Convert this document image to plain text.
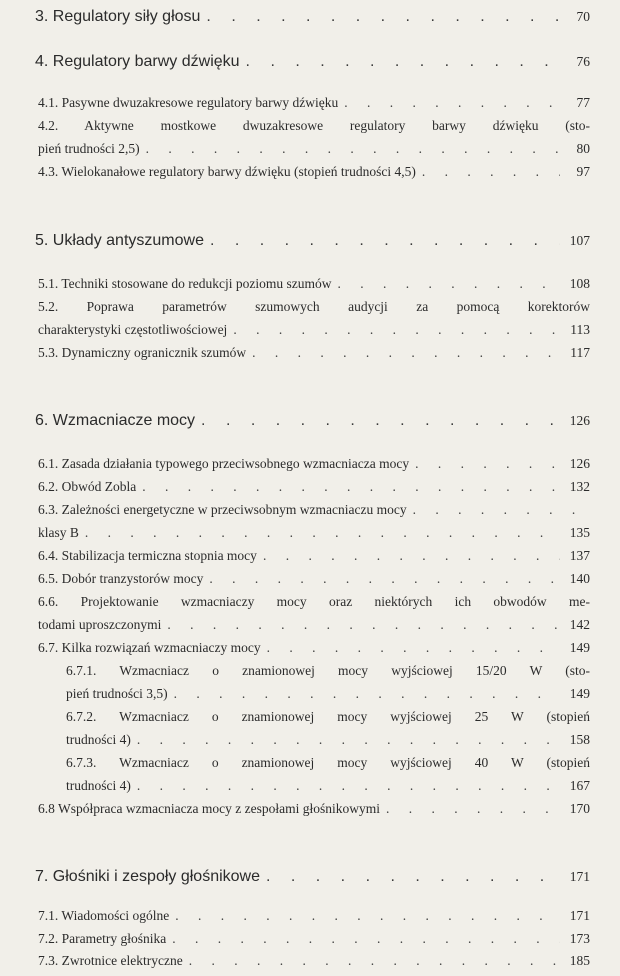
3. Regulatory siły głosu . . .	70
4. Regulatory barwy dźwięku . . .	76
4.1. Pasywne dwuzakresowe regulatory barwy dźwięku . . .	77
4.2. Aktywne mostkowe dwuzakresowe regulatory barwy dźwięku (sto-
pień trudności 2,5) . . .	80
4.3. Wielokanałowe regulatory barwy dźwięku (stopień trudności 4,5) . . .	97
5. Układy antyszumowe . . .	107
5.1. Techniki stosowane do redukcji poziomu szumów . . .	108
5.2. Poprawa parametrów szumowych audycji za pomocą korektorów
charakterystyki częstotliwościowej . . .	113
5.3. Dynamiczny ogranicznik szumów . . .	117
6. Wzmacniacze mocy . . .	126
6.1. Zasada działania typowego przeciwsobnego wzmacniacza mocy . . .	126
6.2. Obwód Zobla . . .	132
6.3. Zależności energetyczne w przeciwsobnym wzmacniaczu mocy
. . .
klasy B . . .	135
6.4. Stabilizacja termiczna stopnia mocy . . .	137
6.5. Dobór tranzystorów mocy . . .	140
6.6. Projektowanie wzmacniaczy mocy oraz niektórych ich obwodów me-
todami uproszczonymi . . .	142
6.7. Kilka rozwiązań wzmacniaczy mocy . . .	149
6.7.1. Wzmacniacz o znamionowej mocy wyjściowej 15/20 W (sto-
pień trudności 3,5) . . .	149
6.7.2. Wzmacniacz o znamionowej mocy wyjściowej 25 W (stopień
trudności 4) . . .	158
6.7.3. Wzmacniacz o znamionowej mocy wyjściowej 40 W (stopień
trudności 4) . . .	167
6.8 Współpraca wzmacniacza mocy z zespołami głośnikowymi . . .	170
7. Głośniki i zespoły głośnikowe . . .	171
7.1. Wiadomości ogólne . . .	171
7.2. Parametry głośnika . . .	173
7.3. Zwrotnice elektryczne . . .	185
